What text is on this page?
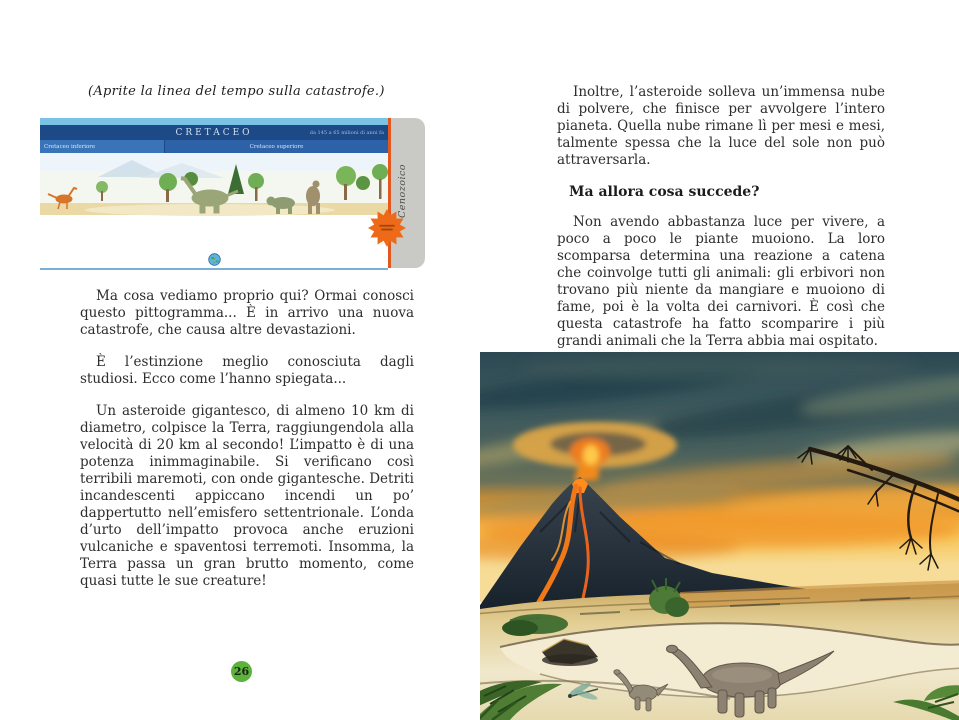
(Aprite la linea del tempo sulla catastrofe.)
CRETACEO	da 145 a 65 milioni di anni fa
Cretaceo inferiore	Cretaceo superiore
Cenozoico

Ma cosa vediamo proprio qui? Ormai conosci questo pittogramma... È in arrivo una nuova catastrofe, che causa altre devastazioni.

È l’estinzione meglio conosciuta dagli studiosi. Ecco come l’hanno spiegata...

Un asteroide gigantesco, di almeno 10 km di diametro, colpisce la Terra, raggiungendola alla velocità di 20 km al secondo! L’impatto è di una potenza inimmaginabile. Si verificano così terribili maremoti, con onde gigantesche. Detriti incandescenti appiccano incendi un po’ dappertutto nell’emisfero settentrionale. L’onda d’urto dell’impatto provoca anche eruzioni vulcaniche e spaventosi terremoti. Insomma, la Terra passa un gran brutto momento, come quasi tutte le sue creature!

26

Inoltre, l’asteroide solleva un’immensa nube di polvere, che finisce per avvolgere l’intero pianeta. Quella nube rimane lì per mesi e mesi, talmente spessa che la luce del sole non può attraversarla.

Ma allora cosa succede?

Non avendo abbastanza luce per vivere, a poco a poco le piante muoiono. La loro scomparsa determina una reazione a catena che coinvolge tutti gli animali: gli erbivori non trovano più niente da mangiare e muoiono di fame, poi è la volta dei carnivori. È così che questa catastrofe ha fatto scomparire i più grandi animali che la Terra abbia mai ospitato.
